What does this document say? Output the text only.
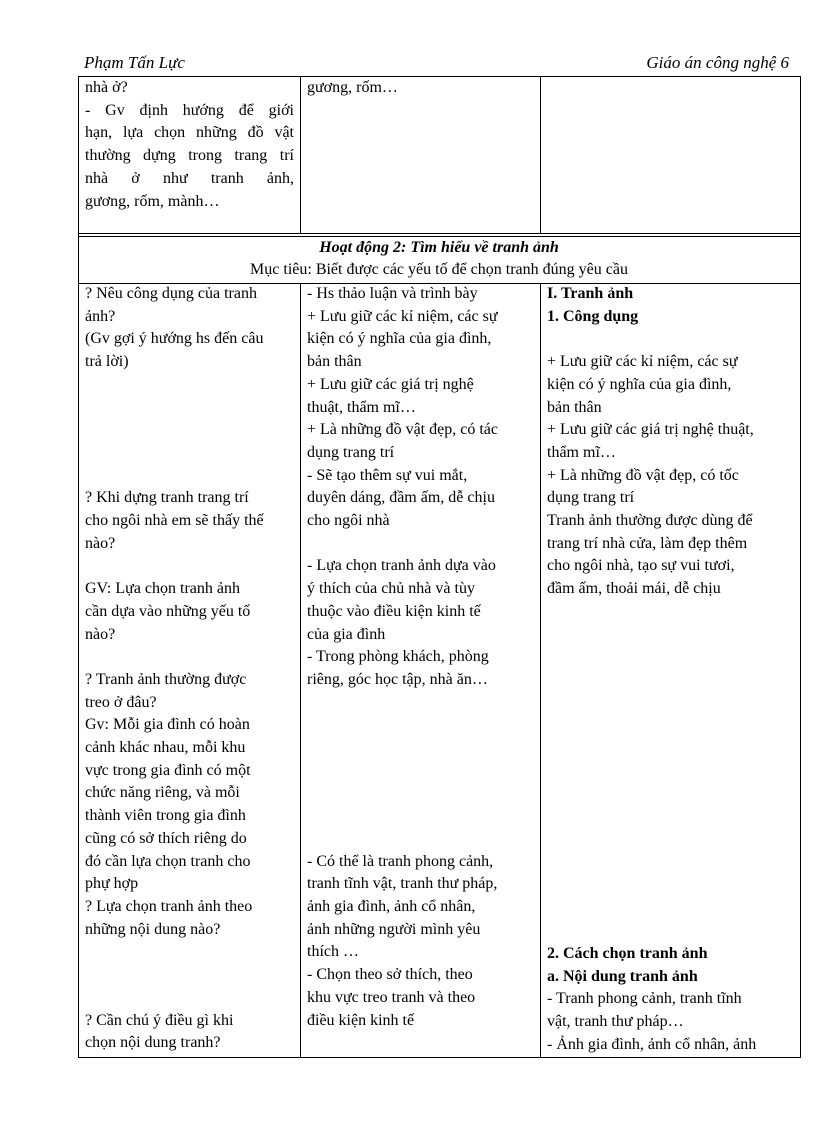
Phạm Tấn Lực	Giáo án công nghệ 6
nhà ở?
- Gv định hướng để giới
hạn, lựa chọn những đồ vật
thường dựng trong trang trí
nhà ở như tranh ảnh,
gương, rốm, mành…
gương, rốm…
Hoạt động 2: Tìm hiểu về tranh ảnh
Mục tiêu: Biết được các yếu tố để chọn tranh đúng yêu cầu
? Nêu công dụng của tranh
ảnh?
(Gv gợi ý hướng hs đến câu
trả lời)

? Khi dựng tranh trang trí
cho ngôi nhà em sẽ thấy thế
nào?

GV: Lựa chọn tranh ảnh
cần dựa vào những yếu tố
nào?

? Tranh ảnh thường được
treo ở đâu?
Gv: Mỗi gia đình có hoàn
cảnh khác nhau, mỗi khu
vực trong gia đình có một
chức năng riêng, và mỗi
thành viên trong gia đình
cũng có sở thích riêng do
đó cần lựa chọn tranh cho
phự hợp
? Lựa chọn tranh ảnh theo
những nội dung nào?

? Cần chú ý điều gì khi
chọn nội dung tranh?
- Hs thảo luận và trình bày
+ Lưu giữ các kỉ niệm, các sự
kiện có ý nghĩa của gia đình,
bản thân
+ Lưu giữ các giá trị nghệ
thuật, thẩm mĩ…
+ Là những đồ vật đẹp, có tác
dụng trang trí
- Sẽ tạo thêm sự vui mắt,
duyên dáng, đầm ấm, dễ chịu
cho ngôi nhà

- Lựa chọn tranh ảnh dựa vào
ý thích của chủ nhà và tùy
thuộc vào điều kiện kinh tế
của gia đình
- Trong phòng khách, phòng
riêng, góc học tập, nhà ăn…

- Có thể là tranh phong cảnh,
tranh tĩnh vật, tranh thư pháp,
ảnh gia đình, ảnh cổ nhân,
ảnh những người mình yêu
thích …
- Chọn theo sở thích, theo
khu vực treo tranh và theo
điều kiện kinh tế
I. Tranh ảnh
1. Công dụng

+ Lưu giữ các kỉ niệm, các sự
kiện có ý nghĩa của gia đình,
bản thân
+ Lưu giữ các giá trị nghệ thuật,
thẩm mĩ…
+ Là những đồ vật đẹp, có tốc
dụng trang trí
Tranh ảnh thường được dùng để
trang trí nhà cửa, làm đẹp thêm
cho ngôi nhà, tạo sự vui tươi,
đầm ấm, thoải mái, dễ chịu
2. Cách chọn tranh ảnh
a. Nội dung tranh ảnh
- Tranh phong cảnh, tranh tĩnh
vật, tranh thư pháp…
- Ảnh gia đình, ảnh cổ nhân, ảnh
